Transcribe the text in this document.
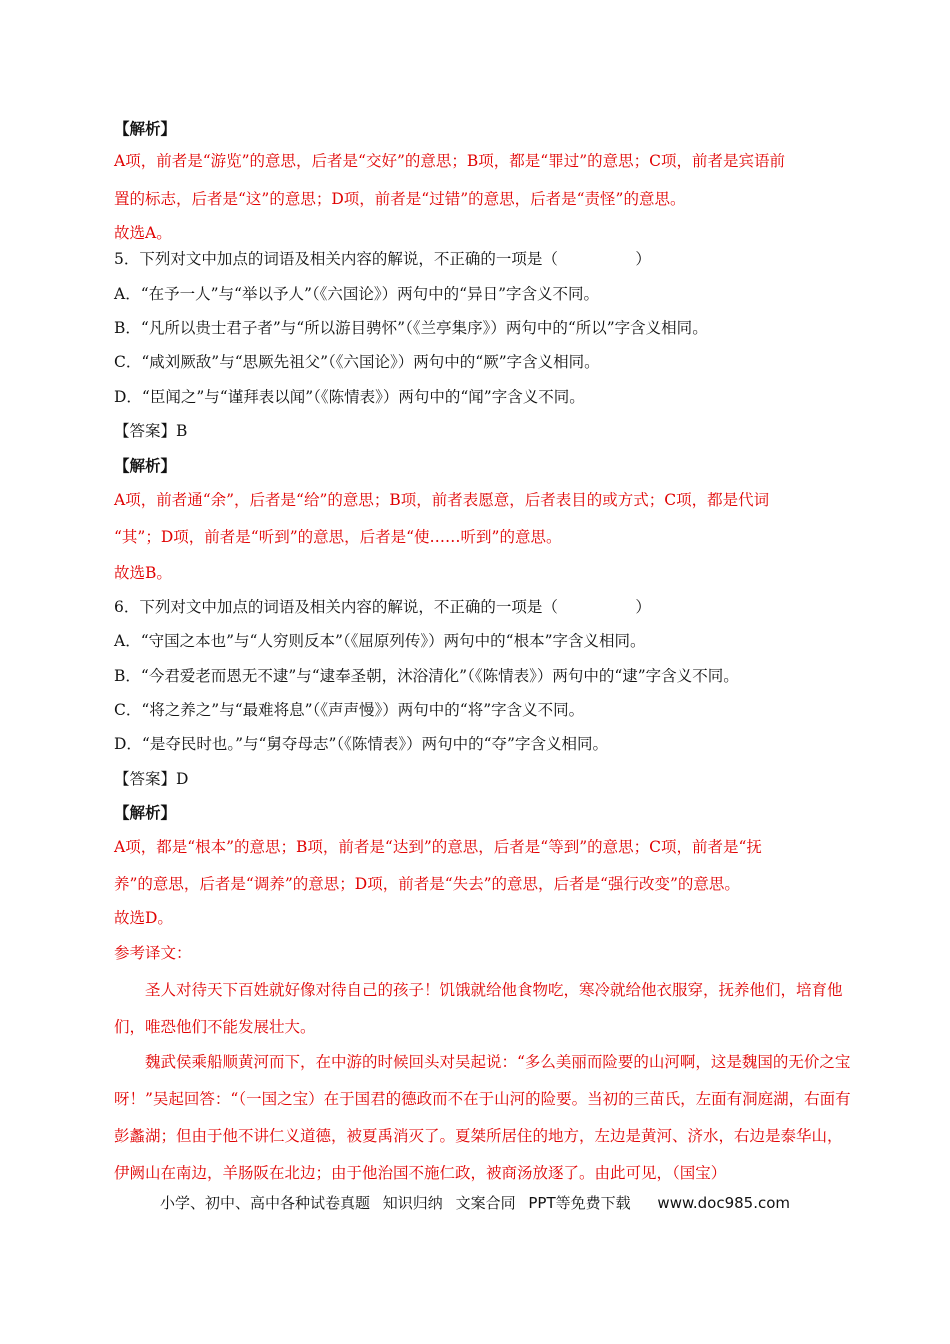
【解析】
A项，前者是“游览”的意思，后者是“交好”的意思；B项，都是“罪过”的意思；C项，前者是宾语前
置的标志，后者是“这”的意思；D项，前者是“过错”的意思，后者是“责怪”的意思。
故选A。
5．下列对文中加点的词语及相关内容的解说，不正确的一项是（　　　　　）
A．“在予一人”与“举以予人”（《六国论》）两句中的“异日”字含义不同。
B．“凡所以贵士君子者”与“所以游目骋怀”（《兰亭集序》）两句中的“所以”字含义相同。
C．“咸刘厥敌”与“思厥先祖父”（《六国论》）两句中的“厥”字含义相同。
D．“臣闻之”与“谨拜表以闻”（《陈情表》）两句中的“闻”字含义不同。
【答案】B
【解析】
A项，前者通“余”，后者是“给”的意思；B项，前者表愿意，后者表目的或方式；C项，都是代词
“其”；D项，前者是“听到”的意思，后者是“使……听到”的意思。
故选B。
6．下列对文中加点的词语及相关内容的解说，不正确的一项是（　　　　　）
A．“守国之本也”与“人穷则反本”（《屈原列传》）两句中的“根本”字含义相同。
B．“今君爱老而恩无不逮”与“逮奉圣朝，沐浴清化”（《陈情表》）两句中的“逮”字含义不同。
C．“将之养之”与“最难将息”（《声声慢》）两句中的“将”字含义不同。
D．“是夺民时也。”与“舅夺母志”（《陈情表》）两句中的“夺”字含义相同。
【答案】D
【解析】
A项，都是“根本”的意思；B项，前者是“达到”的意思，后者是“等到”的意思；C项，前者是“抚
养”的意思，后者是“调养”的意思；D项，前者是“失去”的意思，后者是“强行改变”的意思。
故选D。
参考译文：
圣人对待天下百姓就好像对待自己的孩子！饥饿就给他食物吃，寒冷就给他衣服穿，抚养他们，培育他们，唯恐他们不能发展壮大。
魏武侯乘船顺黄河而下，在中游的时候回头对吴起说：“多么美丽而险要的山河啊，这是魏国的无价之宝呀！”吴起回答：“（一国之宝）在于国君的德政而不在于山河的险要。当初的三苗氏，左面有洞庭湖，右面有彭蠡湖；但由于他不讲仁义道德，被夏禹消灭了。夏桀所居住的地方，左边是黄河、济水，右边是泰华山，伊阙山在南边，羊肠阪在北边；由于他治国不施仁政，被商汤放逐了。由此可见，（国宝）
小学、初中、高中各种试卷真题 知识归纳 文案合同 PPT等免费下载 www.doc985.com
